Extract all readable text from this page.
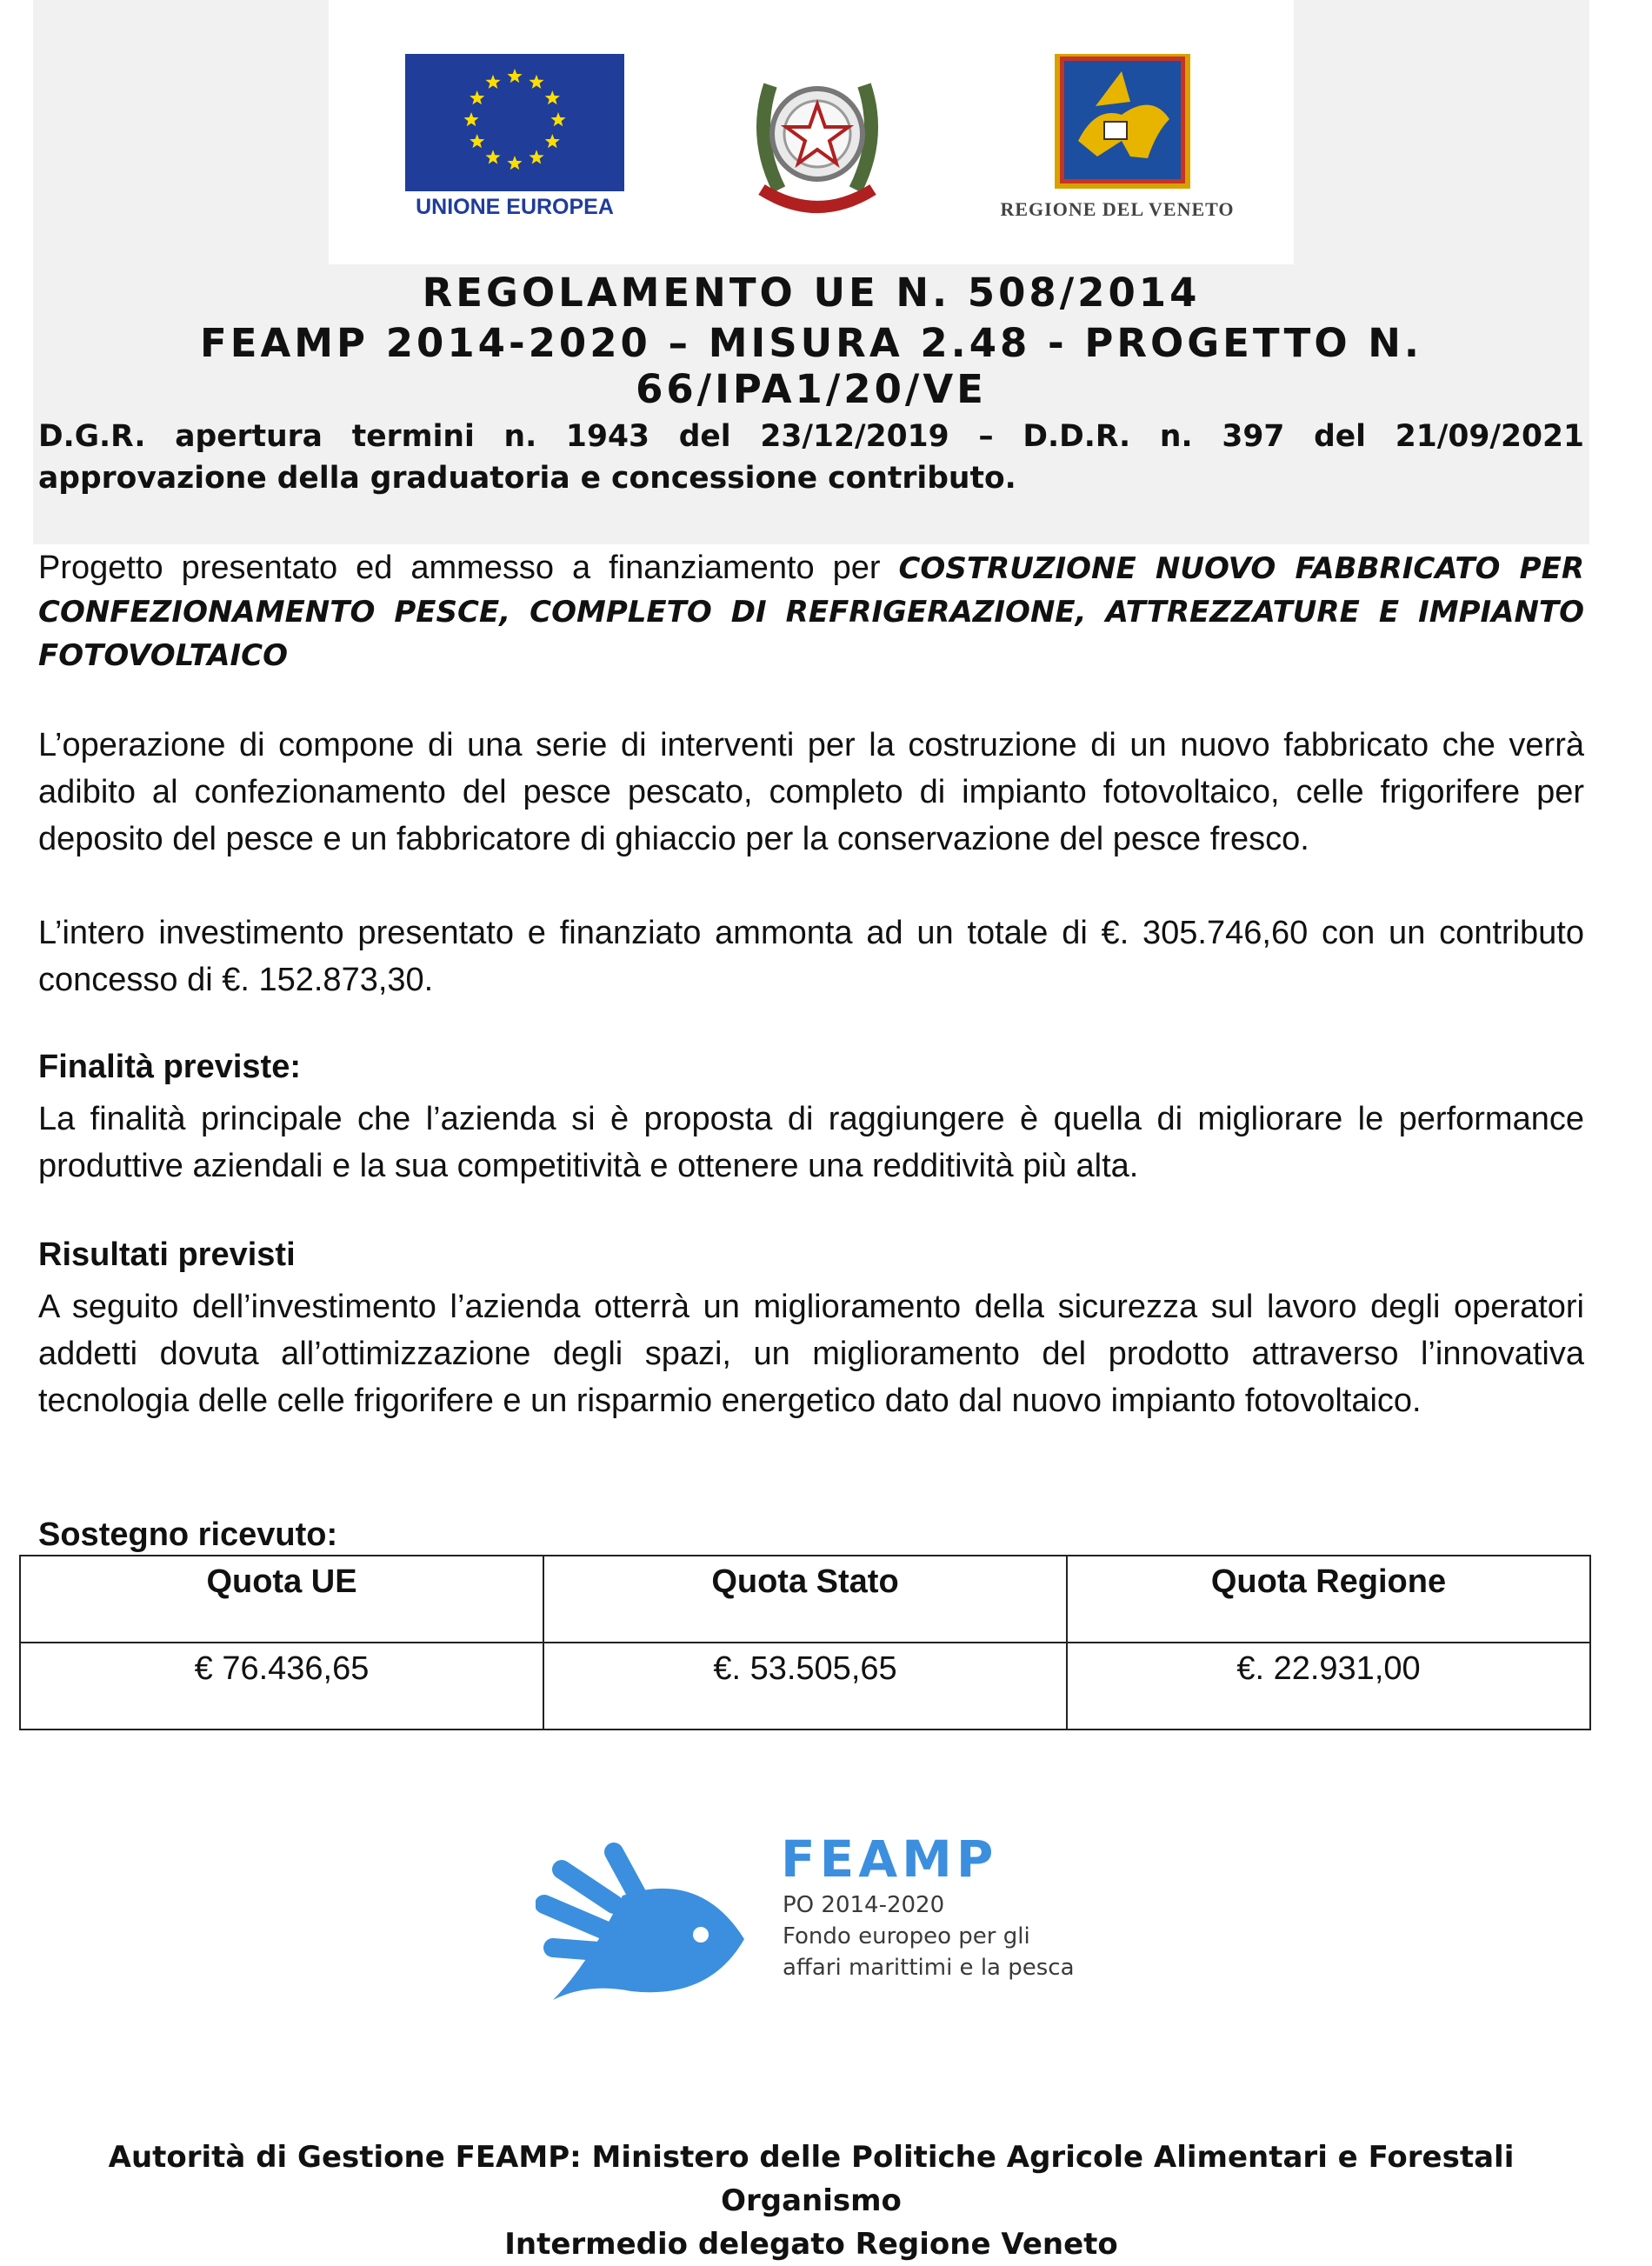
UNIONE EUROPEA	REGIONE DEL VENETO
REGOLAMENTO UE N. 508/2014
FEAMP 2014-2020 – MISURA 2.48 - PROGETTO N. 66/IPA1/20/VE
D.G.R. apertura termini n. 1943 del 23/12/2019 – D.D.R. n. 397 del 21/09/2021 approvazione della graduatoria e concessione contributo.
Progetto presentato ed ammesso a finanziamento per COSTRUZIONE NUOVO FABBRICATO PER
CONFEZIONAMENTO PESCE, COMPLETO DI REFRIGERAZIONE, ATTREZZATURE E IMPIANTO
FOTOVOLTAICO
L’operazione di compone di una serie di interventi per la costruzione di un nuovo fabbricato che verrà adibito al confezionamento del pesce pescato, completo di impianto fotovoltaico, celle frigorifere per deposito del pesce e un fabbricatore di ghiaccio per la conservazione del pesce fresco.
L’intero investimento presentato e finanziato ammonta ad un totale di €. 305.746,60 con un contributo concesso di €. 152.873,30.
Finalità previste:
La finalità principale che l’azienda si è proposta di raggiungere è quella di migliorare le performance produttive aziendali e la sua competitività e ottenere una redditività più alta.
Risultati previsti
A seguito dell’investimento l’azienda otterrà un miglioramento della sicurezza sul lavoro degli operatori addetti dovuta all’ottimizzazione degli spazi, un miglioramento del prodotto attraverso l’innovativa tecnologia delle celle frigorifere e un risparmio energetico dato dal nuovo impianto fotovoltaico.
Sostegno ricevuto:
Quota UE	Quota Stato	Quota Regione
€ 76.436,65	€. 53.505,65	€. 22.931,00
FEAMP
PO 2014-2020
Fondo europeo per gli
affari marittimi e la pesca
Autorità di Gestione FEAMP: Ministero delle Politiche Agricole Alimentari e Forestali Organismo
Intermedio delegato Regione Veneto
